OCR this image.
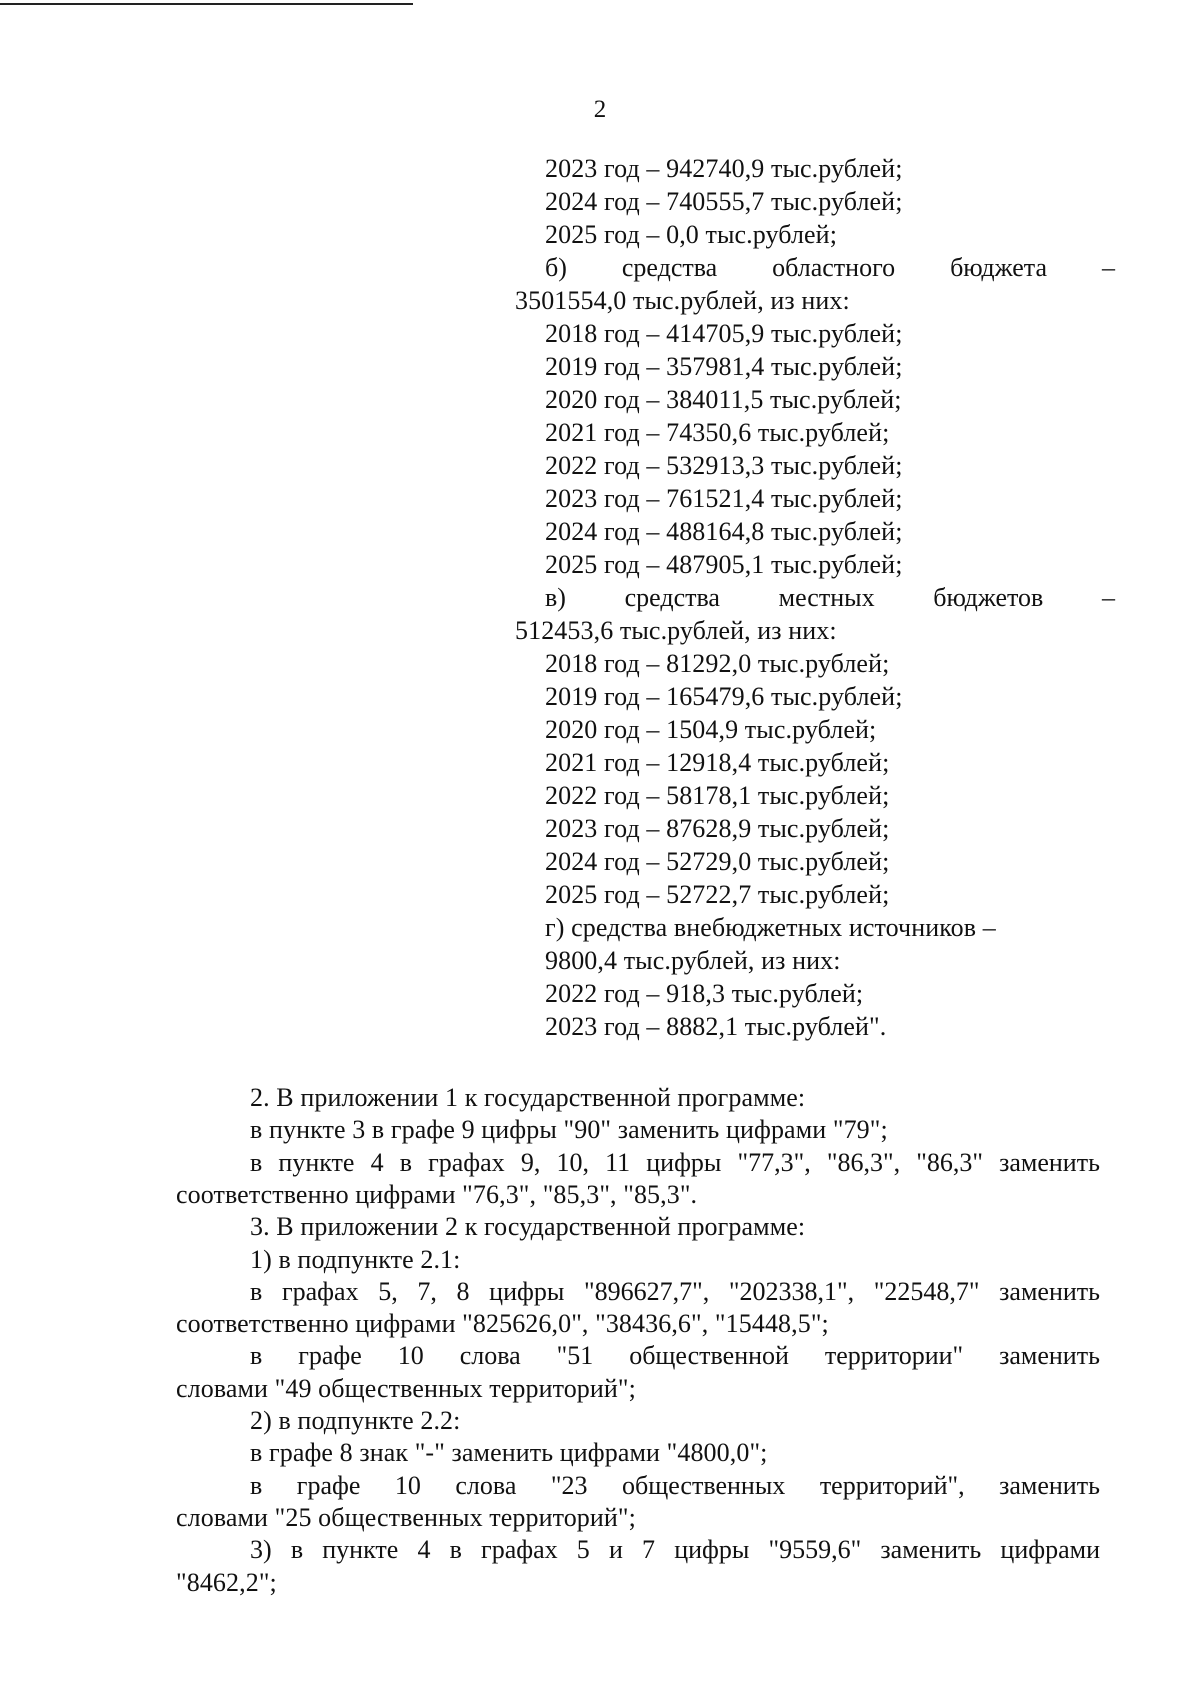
2
2023 год – 942740,9 тыс.рублей;
2024 год – 740555,7 тыс.рублей;
2025 год – 0,0 тыс.рублей;
б) средства областного бюджета –
3501554,0 тыс.рублей, из них:
2018 год – 414705,9 тыс.рублей;
2019 год – 357981,4 тыс.рублей;
2020 год – 384011,5 тыс.рублей;
2021 год – 74350,6 тыс.рублей;
2022 год – 532913,3 тыс.рублей;
2023 год – 761521,4 тыс.рублей;
2024 год – 488164,8 тыс.рублей;
2025 год – 487905,1 тыс.рублей;
в) средства местных бюджетов –
512453,6 тыс.рублей, из них:
2018 год – 81292,0 тыс.рублей;
2019 год – 165479,6 тыс.рублей;
2020 год – 1504,9 тыс.рублей;
2021 год – 12918,4 тыс.рублей;
2022 год – 58178,1 тыс.рублей;
2023 год – 87628,9 тыс.рублей;
2024 год – 52729,0 тыс.рублей;
2025 год – 52722,7 тыс.рублей;
г) средства внебюджетных источников –
9800,4 тыс.рублей, из них:
2022 год – 918,3 тыс.рублей;
2023 год – 8882,1 тыс.рублей".
2. В приложении 1 к государственной программе:
в пункте 3 в графе 9 цифры "90" заменить цифрами "79";
в пункте 4 в графах 9, 10, 11 цифры "77,3", "86,3", "86,3" заменить
соответственно цифрами "76,3", "85,3", "85,3".
3. В приложении 2 к государственной программе:
1) в подпункте 2.1:
в графах 5, 7, 8 цифры "896627,7", "202338,1", "22548,7" заменить
соответственно цифрами "825626,0", "38436,6", "15448,5";
в графе 10 слова "51 общественной территории" заменить
словами "49 общественных территорий";
2) в подпункте 2.2:
в графе 8 знак "-" заменить цифрами "4800,0";
в графе 10 слова "23 общественных территорий", заменить
словами "25 общественных территорий";
3) в пункте 4 в графах 5 и 7 цифры "9559,6" заменить цифрами
"8462,2";
